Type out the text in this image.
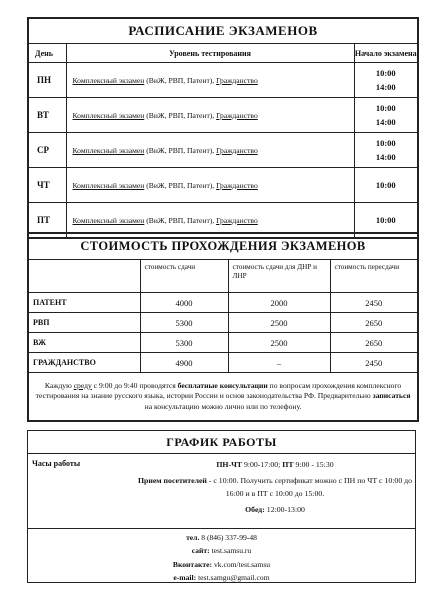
РАСПИСАНИЕ ЭКЗАМЕНОВ		
День	Уровень тестирования	Начало экзамена
ПН	Комплексный экзамен (ВиЖ, РВП, Патент), Гражданство	10:00
14:00

ВТ	Комплексный экзамен (ВиЖ, РВП, Патент), Гражданство	10:00
14:00

СР	Комплексный экзамен (ВиЖ, РВП, Патент), Гражданство	10:00
14:00

ЧТ	Комплексный экзамен (ВиЖ, РВП, Патент), Гражданство	10:00

ПТ	Комплексный экзамен (ВиЖ, РВП, Патент), Гражданство	10:00
СТОИМОСТЬ ПРОХОЖДЕНИЯ ЭКЗАМЕНОВ			
	стоимость сдачи	стоимость сдачи для ДНР и ЛНР	стоимость пересдачи
ПАТЕНТ	4000	2000	2450
РВП	5300	2500	2650
ВЖ	5300	2500	2650
ГРАЖДАНСТВО	4900	–	2450
Каждую среду с 9:00 до 9:40 проводятся бесплатные консультации по вопросам прохождения комплексного тестирования на знание русского языка, истории России и основ законодательства РФ. Предварительно записаться на консультацию можно лично или по телефону.			
ГРАФИК РАБОТЫ
Часы работы	ПН-ЧТ 9:00-17:00; ПТ 9:00 - 15:30
Прием посетителей - с 10:00. Получить сертификат можно с ПН по ЧТ с 10:00 до 16:00 и в ПТ с 10:00 до 15:00.
Обед: 12:00-13:00
тел. 8 (846) 337-99-48
сайт: test.samsu.ru
Вконтакте: vk.com/test.samsu
e-mail: test.samgu@gmail.com
